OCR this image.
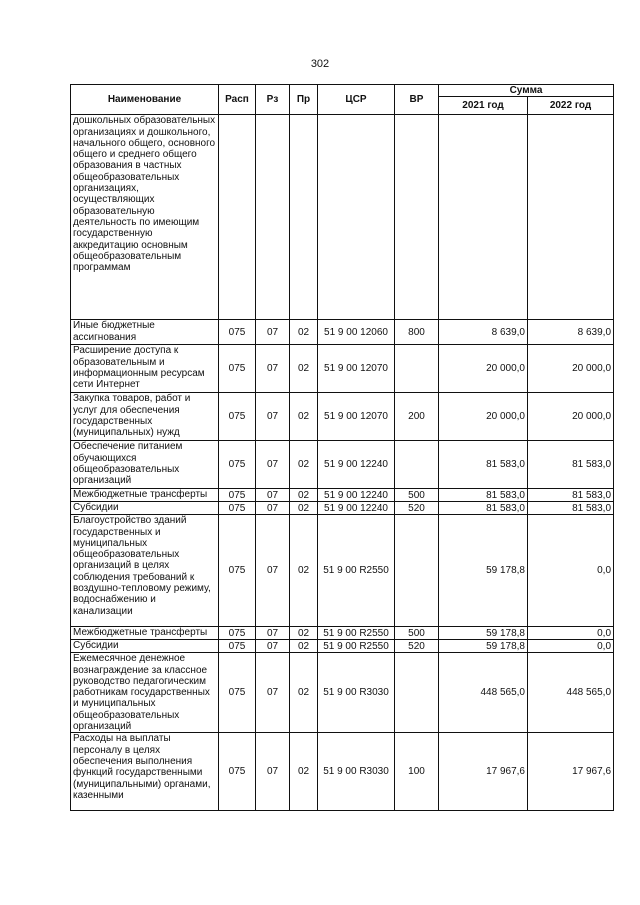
302
Наименование	Расп	Рз	Пр	ЦСР	ВР	Сумма	
						2021 год	2022 год
дошкольных образовательных организациях и дошкольного, начального общего, основного общего и среднего общего образования в частных общеобразовательных организациях, осуществляющих образовательную деятельность по имеющим государственную аккредитацию основным общеобразовательным программам							
Иные бюджетные ассигнования	075	07	02	51 9 00 12060	800	8 639,0	8 639,0
Расширение доступа к образовательным и информационным ресурсам сети Интернет	075	07	02	51 9 00 12070		20 000,0	20 000,0
Закупка товаров, работ и услуг для обеспечения государственных (муниципальных) нужд	075	07	02	51 9 00 12070	200	20 000,0	20 000,0
Обеспечение питанием обучающихся общеобразовательных организаций	075	07	02	51 9 00 12240		81 583,0	81 583,0
Межбюджетные трансферты	075	07	02	51 9 00 12240	500	81 583,0	81 583,0
Субсидии	075	07	02	51 9 00 12240	520	81 583,0	81 583,0
Благоустройство зданий государственных и муниципальных общеобразовательных организаций в целях соблюдения требований к воздушно-тепловому режиму, водоснабжению и канализации	075	07	02	51 9 00 R2550		59 178,8	0,0
Межбюджетные трансферты	075	07	02	51 9 00 R2550	500	59 178,8	0,0
Субсидии	075	07	02	51 9 00 R2550	520	59 178,8	0,0
Ежемесячное денежное вознаграждение за классное руководство педагогическим работникам государственных и муниципальных общеобразовательных организаций	075	07	02	51 9 00 R3030		448 565,0	448 565,0
Расходы на выплаты персоналу в целях обеспечения выполнения функций государственными (муниципальными) органами, казенными	075	07	02	51 9 00 R3030	100	17 967,6	17 967,6
